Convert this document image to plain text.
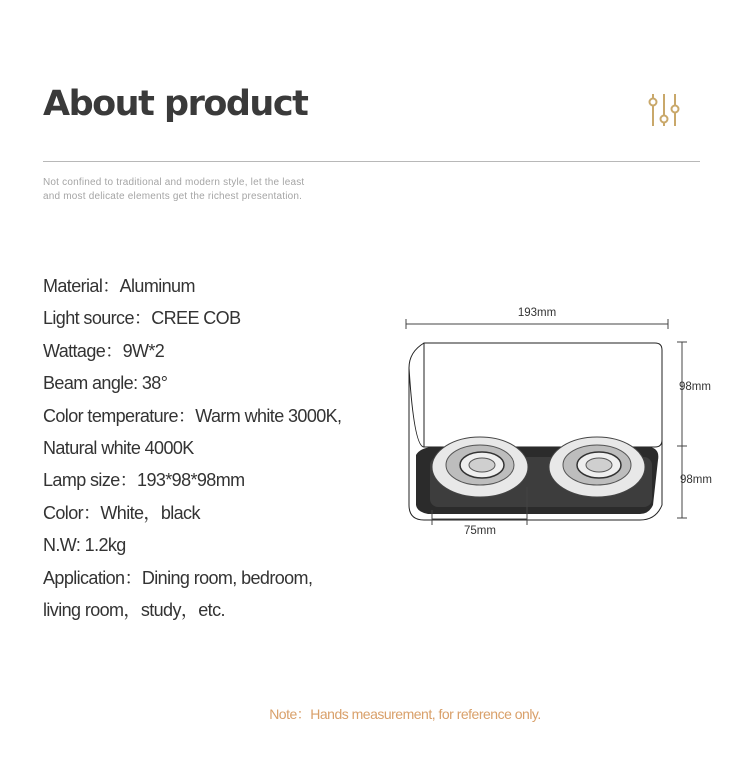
About product
Not confined to traditional and modern style, let the least and most delicate elements get the richest presentation.
Material：Aluminum
Light source：CREE COB
Wattage：9W*2
Beam angle: 38°
Color temperature：Warm white 3000K,
Natural white 4000K
Lamp size：193*98*98mm
Color：White，black
N.W: 1.2kg
Application：Dining room, bedroom,
living room，study，etc.
193mm
98mm
98mm
75mm
Note：Hands measurement, for reference only.
